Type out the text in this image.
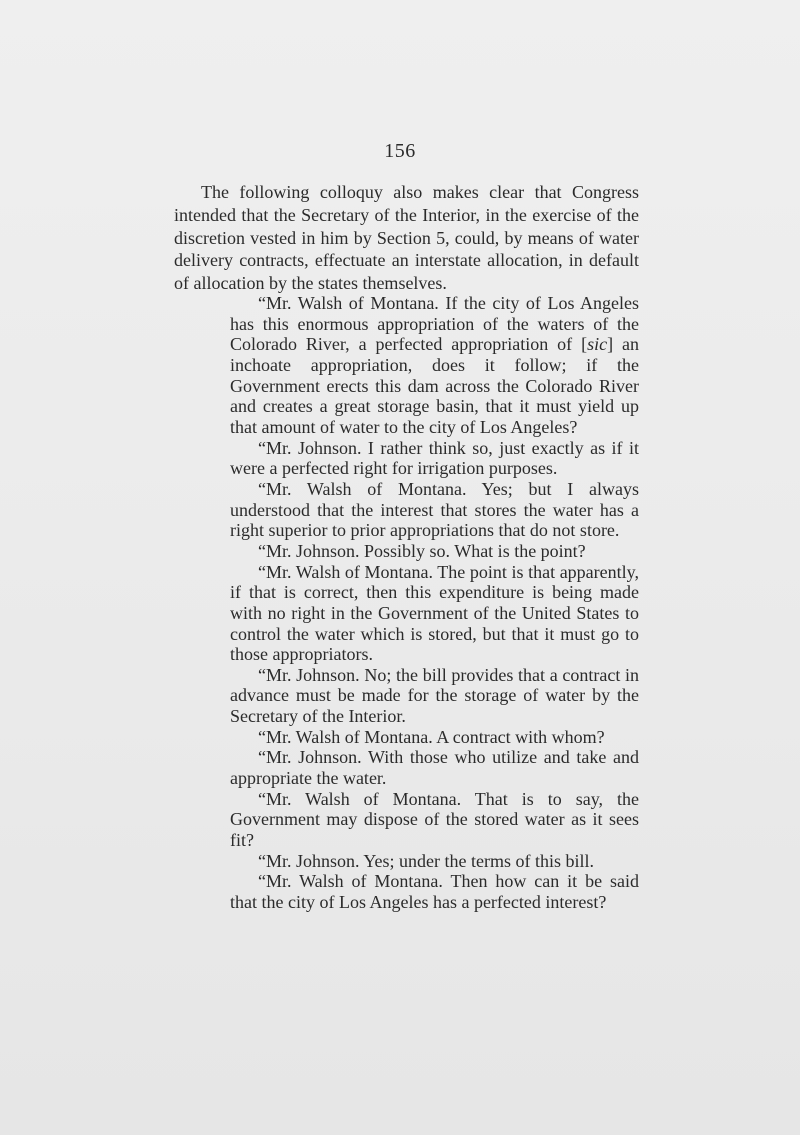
156

The following colloquy also makes clear that Congress intended that the Secretary of the Interior, in the exercise of the discretion vested in him by Section 5, could, by means of water delivery contracts, effectuate an interstate allocation, in default of allocation by the states themselves.

“Mr. Walsh of Montana. If the city of Los Angeles has this enormous appropriation of the waters of the Colorado River, a perfected appropriation of [sic] an inchoate appropriation, does it follow; if the Government erects this dam across the Colorado River and creates a great storage basin, that it must yield up that amount of water to the city of Los Angeles?

“Mr. Johnson. I rather think so, just exactly as if it were a perfected right for irrigation purposes.

“Mr. Walsh of Montana. Yes; but I always understood that the interest that stores the water has a right superior to prior appropriations that do not store.

“Mr. Johnson. Possibly so. What is the point?

“Mr. Walsh of Montana. The point is that apparently, if that is correct, then this expenditure is being made with no right in the Government of the United States to control the water which is stored, but that it must go to those appropriators.

“Mr. Johnson. No; the bill provides that a contract in advance must be made for the storage of water by the Secretary of the Interior.

“Mr. Walsh of Montana. A contract with whom?

“Mr. Johnson. With those who utilize and take and appropriate the water.

“Mr. Walsh of Montana. That is to say, the Government may dispose of the stored water as it sees fit?

“Mr. Johnson. Yes; under the terms of this bill.

“Mr. Walsh of Montana. Then how can it be said that the city of Los Angeles has a perfected interest?
